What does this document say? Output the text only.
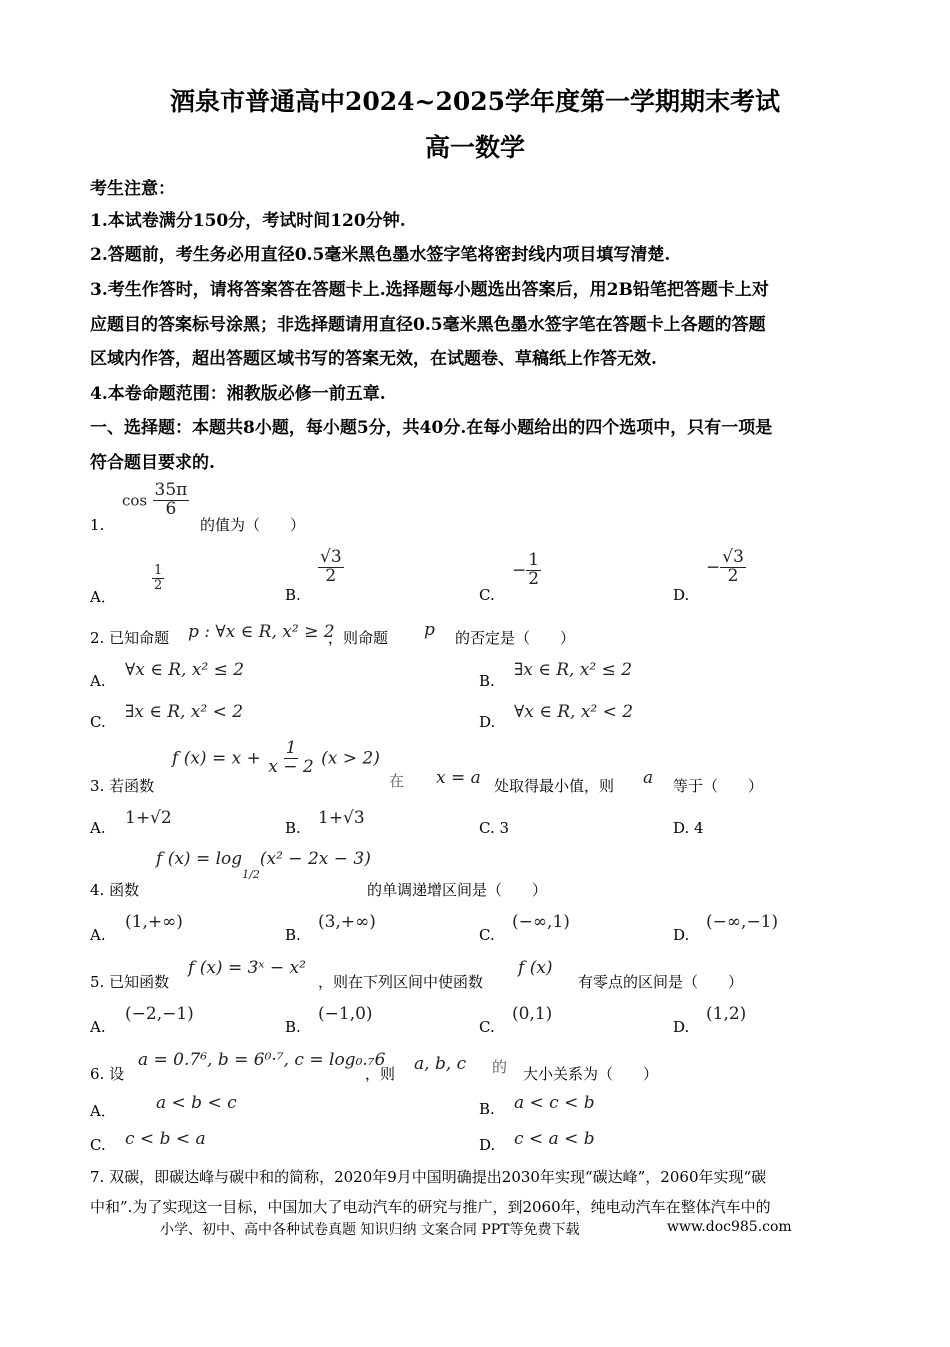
酒泉市普通高中2024~2025学年度第一学期期末考试
高一数学
考生注意：
1.本试卷满分150分，考试时间120分钟.
2.答题前，考生务必用直径0.5毫米黑色墨水签字笔将密封线内项目填写清楚.
3.考生作答时，请将答案答在答题卡上.选择题每小题选出答案后，用2B铅笔把答题卡上对
应题目的答案标号涂黑；非选择题请用直径0.5毫米黑色墨水签字笔在答题卡上各题的答题
区域内作答，超出答题区域书写的答案无效，在试题卷、草稿纸上作答无效.
4.本卷命题范围：湘教版必修一前五章.
一、选择题：本题共8小题，每小题5分，共40分.在每小题给出的四个选项中，只有一项是
符合题目要求的.
1.
$\cos \frac{35\pi}{6}$
的值为（　　）
A．
$\frac{1}{2}$
B.
$\frac{√3}{2}$
C.
− $\frac{1}{2}$
D.
− $\frac{√3}{2}$
2. 已知命题 p : ∀x ∈ R, x² ≥ 2
，则命题 p 的否定是（　　）
A.
∀x ∈ R, x² ≤ 2
B.
∃x ∈ R, x² ≤ 2
C. ∃x ∈ R, x² < 2	D. ∀x ∈ R, x² < 2
3. 若函数
f $(x) = x + \frac{1}{x - 2} (x > 2)$
在 x = a 处取得最小值，则 a 等于（　　）
A. 1+√2	B. 1+√3	C. 3	D. 4
4. 函数
f $(x) = \log_{1/2}(x^2 - 2x - 3)$
的单调递增区间是（　　）
A.
(1,+∞)
B.
(3,+∞)
C.
(−∞,1)
D.
(−∞,−1)
5. 已知函数
f (x) = 3ˣ − x²
，则在下列区间中使函数
f (x)
有零点的区间是（　　）
A.
(−2,−1)
B.
(−1,0)
C.
(0,1)
D.
(1,2)
6. 设
a = 0.7⁶, b = 6⁰·⁷, c = log₀.₇6
，则 a, b, c 的 大小关系为（　　）
A． a < b < c	B. a < c < b
C. c < b < a	D. c < a < b
7. 双碳，即碳达峰与碳中和的简称，2020年9月中国明确提出2030年实现“碳达峰”，2060年实现“碳
中和”.为了实现这一目标，中国加大了电动汽车的研究与推广，到2060年，纯电动汽车在整体汽车中的
小学、初中、高中各种试卷真题 知识归纳 文案合同 PPT等免费下载	www.doc985.com
